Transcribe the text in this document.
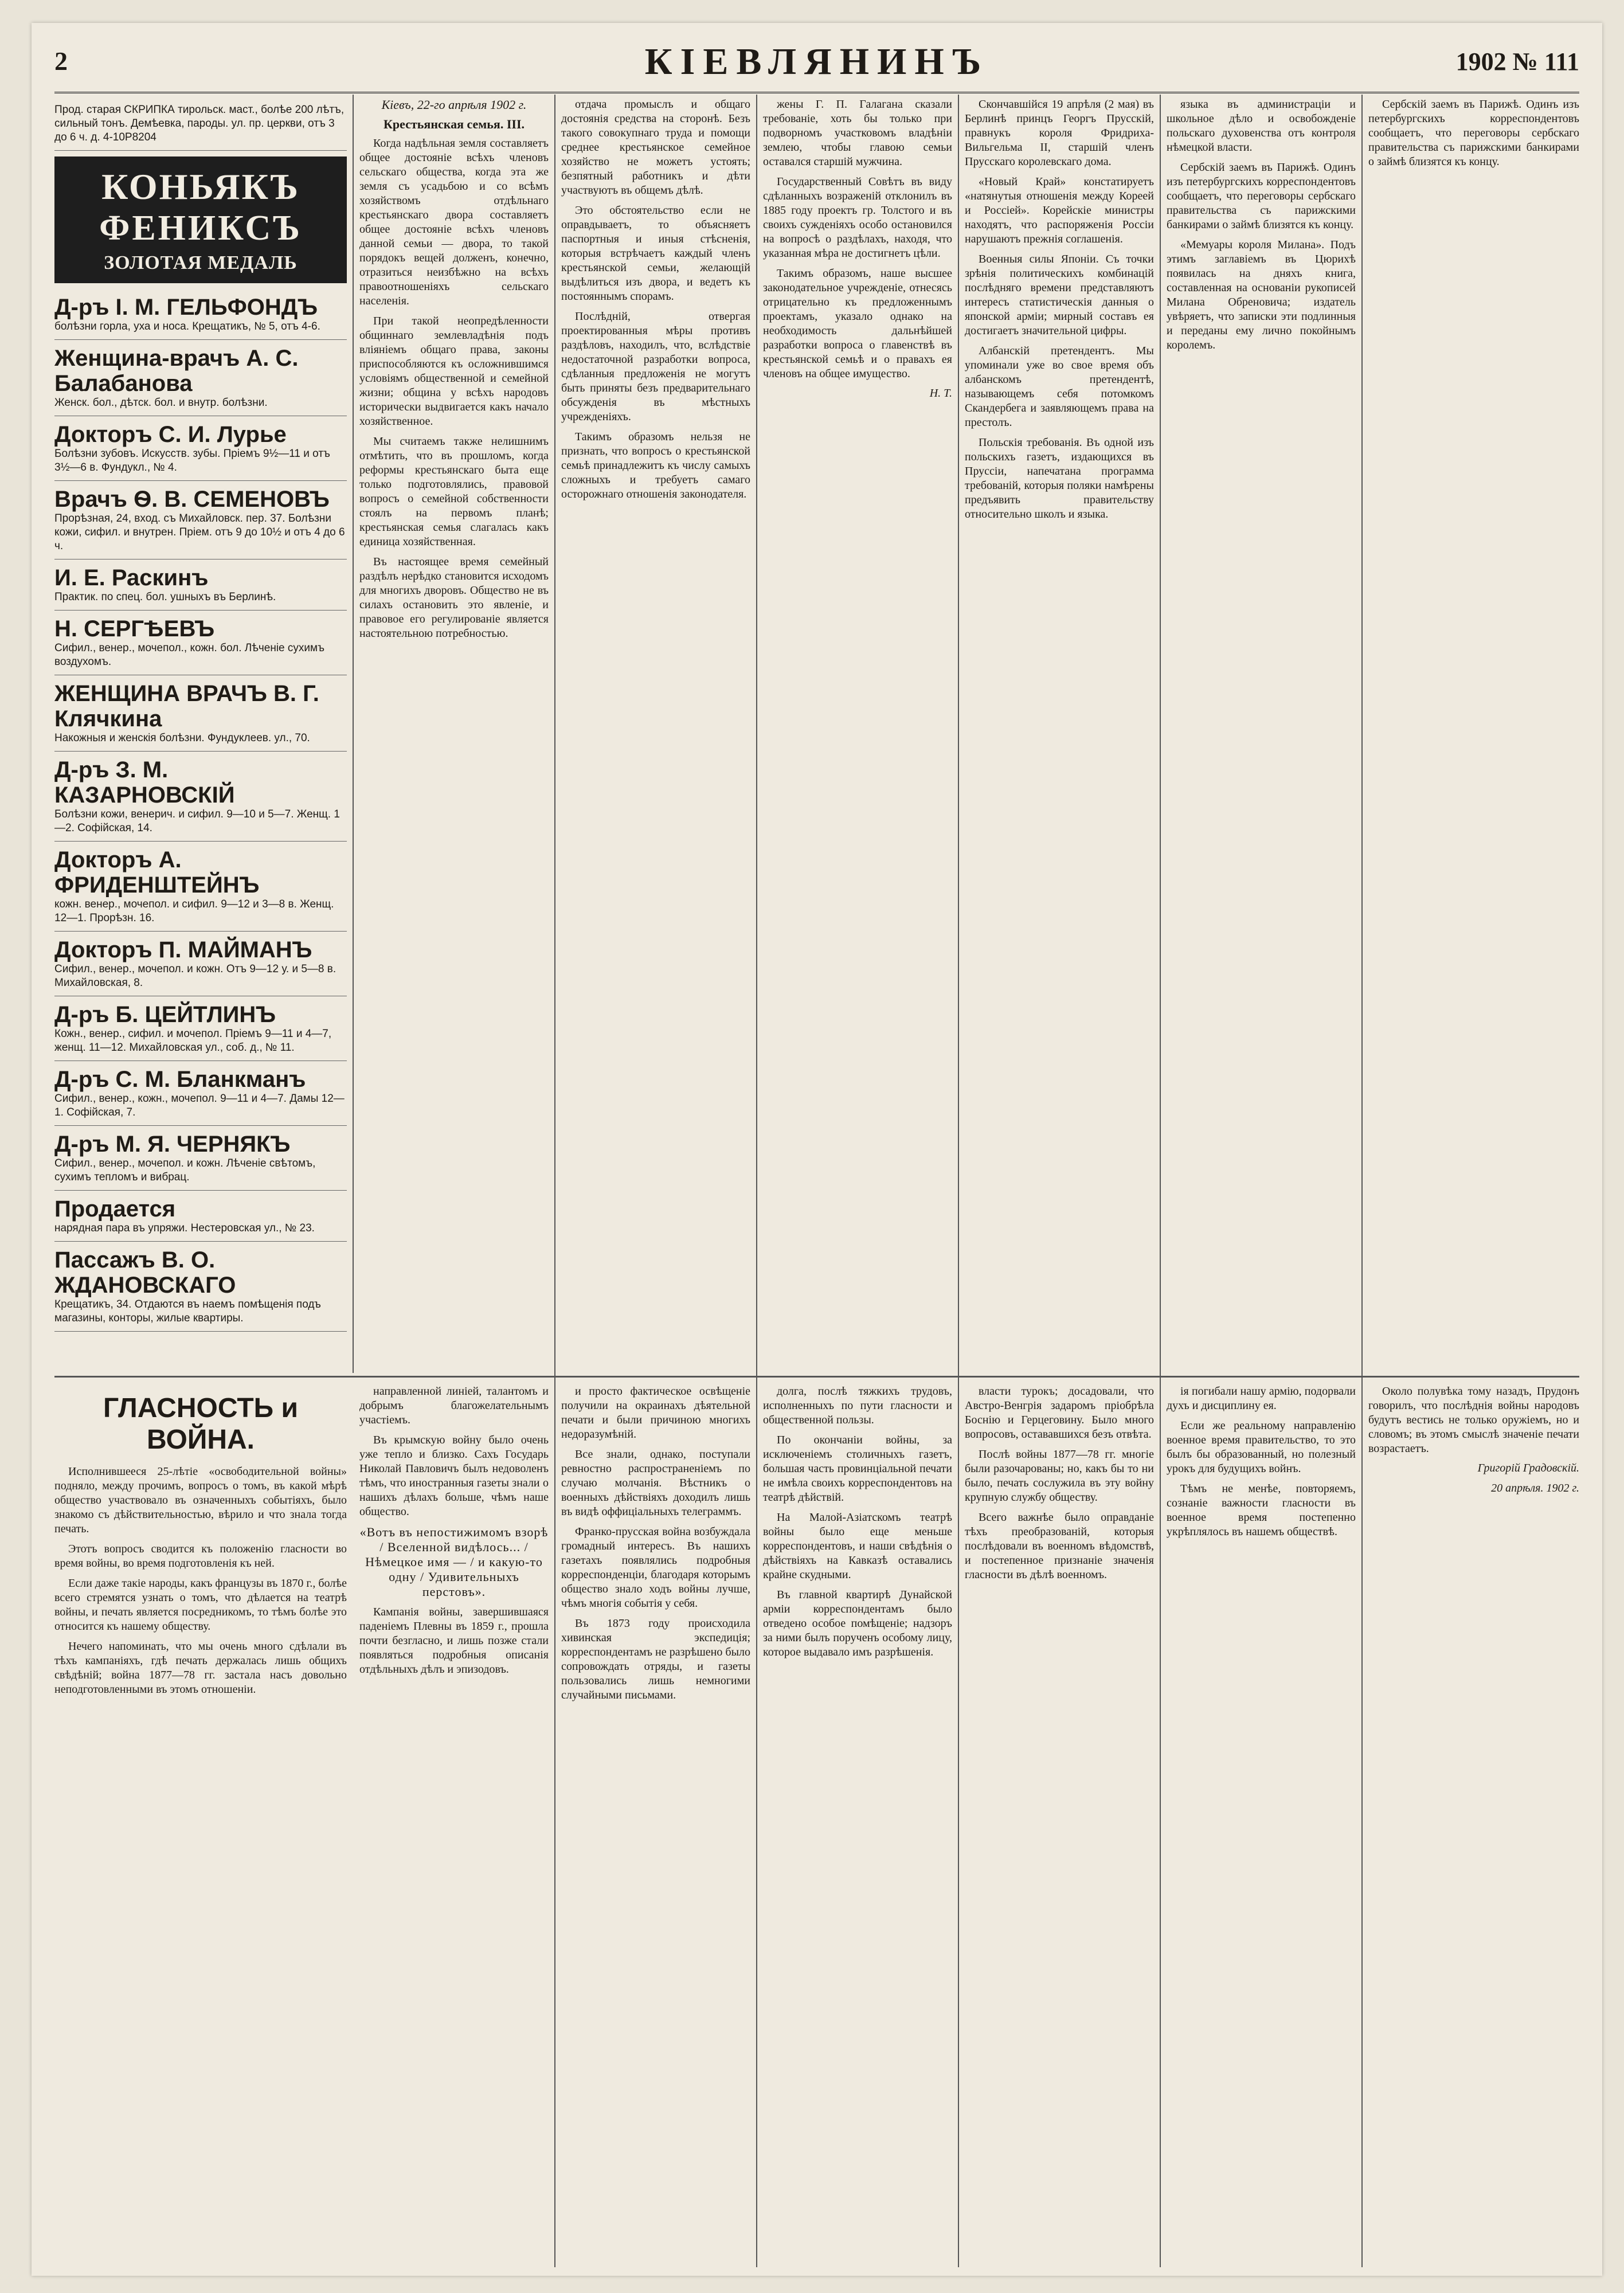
2	КІЕВЛЯНИНЪ	1902 № 111
Прод. старая СКРИПКА тирольск. маст., болѣе 200 лѣтъ, сильный тонъ. Демѣевка, пароды. ул. пр. церкви, отъ 3 до 6 ч. д. 4-10Р8204
КОНЬЯКЪ
ФЕНИКСЪ
ЗОЛОТАЯ МЕДАЛЬ
Д-ръ I. М. ГЕЛЬФОНДЪ
болѣзни горла, уха и носа. Крещатикъ, № 5, отъ 4-6.
Женщина-врачъ А. С. Балабанова
Женск. бол., дѣтск. бол. и внутр. болѣзни.
Докторъ С. И. Лурье
Болѣзни зубовъ. Искусств. зубы. Пріемъ 9½—11 и отъ 3½—6 в. Фундукл., № 4.
Врачъ Ѳ. В. СЕМЕНОВЪ
Прорѣзная, 24, вход. съ Михайловск. пер. 37. Болѣзни кожи, сифил. и внутрен. Пріем. отъ 9 до 10½ и отъ 4 до 6 ч.
И. Е. Раскинъ
Практик. по спец. бол. ушныхъ въ Берлинѣ.
Н. СЕРГѢЕВЪ
Сифил., венер., мочепол., кожн. бол. Лѣченіе сухимъ воздухомъ.
ЖЕНЩИНА ВРАЧЪ В. Г. Клячкина
Накожныя и женскія болѣзни. Фундуклеев. ул., 70.
Д-ръ З. М. КАЗАРНОВСКІЙ
Болѣзни кожи, венерич. и сифил. 9—10 и 5—7. Женщ. 1—2. Софійская, 14.
Докторъ А. ФРИДЕНШТЕЙНЪ
кожн. венер., мочепол. и сифил. 9—12 и 3—8 в. Женщ. 12—1. Прорѣзн. 16.
Докторъ П. МАЙМАНЪ
Сифил., венер., мочепол. и кожн. Отъ 9—12 у. и 5—8 в. Михайловская, 8.
Д-ръ Б. ЦЕЙТЛИНЪ
Кожн., венер., сифил. и мочепол. Пріемъ 9—11 и 4—7, женщ. 11—12. Михайловская ул., соб. д., № 11.
Д-ръ С. М. Бланкманъ
Сифил., венер., кожн., мочепол. 9—11 и 4—7. Дамы 12—1. Софійская, 7.
Д-ръ М. Я. ЧЕРНЯКЪ
Сифил., венер., мочепол. и кожн. Лѣченіе свѣтомъ, сухимъ тепломъ и вибрац.
Продается
нарядная пара въ упряжи. Нестеровская ул., № 23.
Пассажъ В. О. ЖДАНОВСКАГО
Крещатикъ, 34. Отдаются въ наемъ помѣщенія подъ магазины, конторы, жилые квартиры.
Кіевъ, 22-го апрѣля 1902 г.
Крестьянская семья. III.

Когда надѣльная земля составляетъ общее достояніе всѣхъ членовъ сельскаго общества, когда эта же земля съ усадьбою и со всѣмъ хозяйствомъ отдѣльнаго крестьянскаго двора составляетъ общее достояніе всѣхъ членовъ данной семьи — двора, то такой порядокъ вещей долженъ, конечно, отразиться неизбѣжно на всѣхъ правоотношеніяхъ сельскаго населенія.

При такой неопредѣленности общиннаго землевладѣнія подъ вліяніемъ общаго права, законы приспособляются къ осложнившимся условіямъ общественной и семейной жизни; община у всѣхъ народовъ исторически выдвигается какъ начало хозяйственное.

Мы считаемъ также нелишнимъ отмѣтить, что въ прошломъ, когда реформы крестьянскаго быта еще только подготовлялись, правовой вопросъ о семейной собственности стоялъ на первомъ планѣ; крестьянская семья слагалась какъ единица хозяйственная.

Въ настоящее время семейный раздѣлъ нерѣдко становится исходомъ для многихъ дворовъ. Общество не въ силахъ остановить это явленіе, и правовое его регулированіе является настоятельною потребностью.

отдача промыслъ и общаго достоянія средства на сторонѣ. Безъ такого совокупнаго труда и помощи среднее крестьянское семейное хозяйство не можетъ устоять; безпятный работникъ и дѣти участвуютъ въ общемъ дѣлѣ.

Это обстоятельство если не оправдываетъ, то объясняетъ паспортныя и иныя стѣсненія, которыя встрѣчаетъ каждый членъ крестьянской семьи, желающій выдѣлиться изъ двора, и ведетъ къ постояннымъ спорамъ.

Послѣдній, отвергая проектированныя мѣры противъ раздѣловъ, находилъ, что, вслѣдствіе недостаточной разработки вопроса, сдѣланныя предложенія не могутъ быть приняты безъ предварительнаго обсужденія въ мѣстныхъ учрежденіяхъ.

Такимъ образомъ нельзя не признать, что вопросъ о крестьянской семьѣ принадлежитъ къ числу самыхъ сложныхъ и требуетъ самаго осторожнаго отношенія законодателя.

жены Г. П. Галагана сказали требованіе, хоть бы только при подворномъ участковомъ владѣніи землею, чтобы главою семьи оставался старшій мужчина.

Государственный Совѣтъ въ виду сдѣланныхъ возраженій отклонилъ въ 1885 году проектъ гр. Толстого и въ своихъ сужденіяхъ особо остановился на вопросѣ о раздѣлахъ, находя, что указанная мѣра не достигнетъ цѣли.

Такимъ образомъ, наше высшее законодательное учрежденіе, отнесясь отрицательно къ предложеннымъ проектамъ, указало однако на необходимость дальнѣйшей разработки вопроса о главенствѣ въ крестьянской семьѣ и о правахъ ея членовъ на общее имущество.

Н. Т.

Скончавшійся 19 апрѣля (2 мая) въ Берлинѣ принцъ Георгъ Прусскій, правнукъ короля Фридриха-Вильгельма II, старшій членъ Прусскаго королевскаго дома.

«Новый Край» констатируетъ «натянутыя отношенія между Кореей и Россіей». Корейскіе министры находятъ, что распоряженія Россіи нарушаютъ прежнія соглашенія.

Военныя силы Японіи. Съ точки зрѣнія политическихъ комбинацій послѣдняго времени представляютъ интересъ статистическія данныя о японской арміи; мирный составъ ея достигаетъ значительной цифры.

Албанскій претендентъ. Мы упоминали уже во свое время объ албанскомъ претендентѣ, называющемъ себя потомкомъ Скандербега и заявляющемъ права на престолъ.

Польскія требованія. Въ одной изъ польскихъ газетъ, издающихся въ Пруссіи, напечатана программа требованій, которыя поляки намѣрены предъявить правительству относительно школъ и языка.

языка въ администраціи и школьное дѣло и освобожденіе польскаго духовенства отъ контроля нѣмецкой власти.

Сербскій заемъ въ Парижѣ. Одинъ изъ петербургскихъ корреспондентовъ сообщаетъ, что переговоры сербскаго правительства съ парижскими банкирами о займѣ близятся къ концу.

«Мемуары короля Милана». Подъ этимъ заглавіемъ въ Цюрихѣ появилась на дняхъ книга, составленная на основаніи рукописей Милана Обреновича; издатель увѣряетъ, что записки эти подлинныя и переданы ему лично покойнымъ королемъ.

Сербскій заемъ въ Парижѣ. Одинъ изъ петербургскихъ корреспондентовъ сообщаетъ, что переговоры сербскаго правительства съ парижскими банкирами о займѣ близятся къ концу.

ГЛАСНОСТЬ и ВОЙНА.

Исполнившееся 25-лѣтіе «освободительной войны» подняло, между прочимъ, вопросъ о томъ, въ какой мѣрѣ общество участвовало въ означенныхъ событіяхъ, было знакомо съ дѣйствительностью, вѣрило и что знала тогда печать.

Этотъ вопросъ сводится къ положенію гласности во время войны, во время подготовленія къ ней.

Если даже такіе народы, какъ французы въ 1870 г., болѣе всего стремятся узнать о томъ, что дѣлается на театрѣ войны, и печать является посредникомъ, то тѣмъ болѣе это относится къ нашему обществу.

Нечего напоминать, что мы очень много сдѣлали въ тѣхъ кампаніяхъ, гдѣ печать держалась лишь общихъ свѣдѣній; война 1877—78 гг. застала насъ довольно неподготовленными въ этомъ отношеніи.

направленной линіей, талантомъ и добрымъ благожелательнымъ участіемъ.

Въ крымскую войну было очень уже тепло и близко. Сахъ Государь Николай Павловичъ былъ недоволенъ тѣмъ, что иностранныя газеты знали о нашихъ дѣлахъ больше, чѣмъ наше общество.

«Вотъ въ непостижимомъ взорѣ / Вселенной видѣлось... / Нѣмецкое имя — / и какую-то одну / Удивительныхъ перстовъ».

Кампанія войны, завершившаяся паденіемъ Плевны въ 1859 г., прошла почти безгласно, и лишь позже стали появляться подробныя описанія отдѣльныхъ дѣлъ и эпизодовъ.

и просто фактическое освѣщеніе получили на окраинахъ дѣятельной печати и были причиною многихъ недоразумѣній.

Все знали, однако, поступали ревностно распространеніемъ по случаю молчанія. Вѣстникъ о военныхъ дѣйствіяхъ доходилъ лишь въ видѣ оффиціальныхъ телеграммъ.

Франко-прусская война возбуждала громадный интересъ. Въ нашихъ газетахъ появлялись подробныя корреспонденціи, благодаря которымъ общество знало ходъ войны лучше, чѣмъ многія событія у себя.

Въ 1873 году происходила хивинская экспедиція; корреспондентамъ не разрѣшено было сопровождать отряды, и газеты пользовались лишь немногими случайными письмами.

долга, послѣ тяжкихъ трудовъ, исполненныхъ по пути гласности и общественной пользы.

По окончаніи войны, за исключеніемъ столичныхъ газетъ, большая часть провинціальной печати не имѣла своихъ корреспондентовъ на театрѣ дѣйствій.

На Малой-Азіатскомъ театрѣ войны было еще меньше корреспондентовъ, и наши свѣдѣнія о дѣйствіяхъ на Кавказѣ оставались крайне скудными.

Въ главной квартирѣ Дунайской арміи корреспондентамъ было отведено особое помѣщеніе; надзоръ за ними былъ порученъ особому лицу, которое выдавало имъ разрѣшенія.

власти турокъ; досадовали, что Австро-Венгрія задаромъ пріобрѣла Боснію и Герцеговину. Было много вопросовъ, остававшихся безъ отвѣта.

Послѣ войны 1877—78 гг. многіе были разочарованы; но, какъ бы то ни было, печать сослужила въ эту войну крупную службу обществу.

Всего важнѣе было оправданіе тѣхъ преобразованій, которыя послѣдовали въ военномъ вѣдомствѣ, и постепенное признаніе значенія гласности въ дѣлѣ военномъ.

ія погибали нашу армію, подорвали духъ и дисциплину ея.

Если же реальному направленію военное время правительство, то это былъ бы образованный, но полезный урокъ для будущихъ войнъ.

Тѣмъ не менѣе, повторяемъ, сознаніе важности гласности въ военное время постепенно укрѣплялось въ нашемъ обществѣ.

Около полувѣка тому назадъ, Прудонъ говорилъ, что послѣднія войны народовъ будутъ вестись не только оружіемъ, но и словомъ; въ этомъ смыслѣ значеніе печати возрастаетъ.

Григорій Градовскій.
20 апрѣля. 1902 г.
